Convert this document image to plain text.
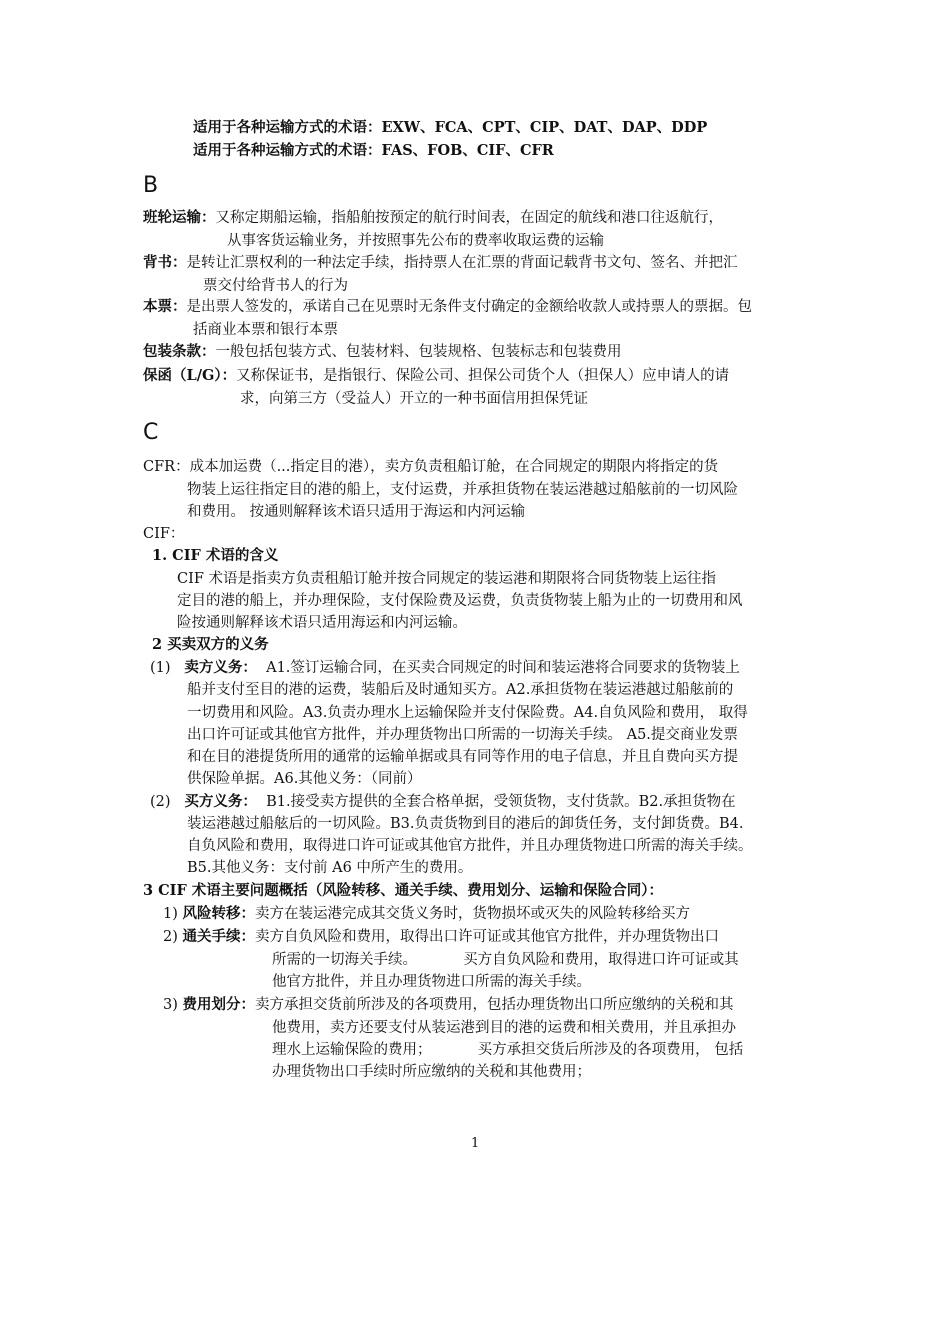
适用于各种运输方式的术语：EXW、FCA、CPT、CIP、DAT、DAP、DDP
适用于各种运输方式的术语：FAS、FOB、CIF、CFR
B
班轮运输：又称定期船运输，指船舶按预定的航行时间表，在固定的航线和港口往返航行，
从事客货运输业务，并按照事先公布的费率收取运费的运输
背书：是转让汇票权利的一种法定手续，指持票人在汇票的背面记载背书文句、签名、并把汇
票交付给背书人的行为
本票：是出票人签发的，承诺自己在见票时无条件支付确定的金额给收款人或持票人的票据。包
括商业本票和银行本票
包装条款：一般包括包装方式、包装材料、包装规格、包装标志和包装费用
保函（L/G）：又称保证书，是指银行、保险公司、担保公司货个人（担保人）应申请人的请
求，向第三方（受益人）开立的一种书面信用担保凭证
C
CFR：成本加运费（...指定目的港），卖方负责租船订舱，在合同规定的期限内将指定的货
物装上运往指定目的港的船上，支付运费，并承担货物在装运港越过船舷前的一切风险
和费用。 按通则解释该术语只适用于海运和内河运输
CIF：
1. CIF 术语的含义
CIF 术语是指卖方负责租船订舱并按合同规定的装运港和期限将合同货物装上运往指
定目的港的船上，并办理保险，支付保险费及运费，负责货物装上船为止的一切费用和风
险按通则解释该术语只适用海运和内河运输。
2 买卖双方的义务
(1) 卖方义务： A1.签订运输合同，在买卖合同规定的时间和装运港将合同要求的货物装上
船并支付至目的港的运费，装船后及时通知买方。A2.承担货物在装运港越过船舷前的
一切费用和风险。A3.负责办理水上运输保险并支付保险费。A4.自负风险和费用， 取得
出口许可证或其他官方批件，并办理货物出口所需的一切海关手续。 A5.提交商业发票
和在目的港提货所用的通常的运输单据或具有同等作用的电子信息，并且自费向买方提
供保险单据。A6.其他义务：（同前）
(2) 买方义务： B1.接受卖方提供的全套合格单据，受领货物，支付货款。B2.承担货物在
装运港越过船舷后的一切风险。B3.负责货物到目的港后的卸货任务，支付卸货费。B4.
自负风险和费用，取得进口许可证或其他官方批件，并且办理货物进口所需的海关手续。
B5.其他义务：支付前 A6 中所产生的费用。
3 CIF 术语主要问题概括（风险转移、通关手续、费用划分、运输和保险合同）：
1) 风险转移：卖方在装运港完成其交货义务时，货物损坏或灭失的风险转移给买方
2) 通关手续：卖方自负风险和费用，取得出口许可证或其他官方批件，并办理货物出口
所需的一切海关手续。          买方自负风险和费用，取得进口许可证或其
他官方批件，并且办理货物进口所需的海关手续。
3) 费用划分：卖方承担交货前所涉及的各项费用，包括办理货物出口所应缴纳的关税和其
他费用，卖方还要支付从装运港到目的港的运费和相关费用，并且承担办
理水上运输保险的费用；          买方承担交货后所涉及的各项费用， 包括
办理货物出口手续时所应缴纳的关税和其他费用；
1
